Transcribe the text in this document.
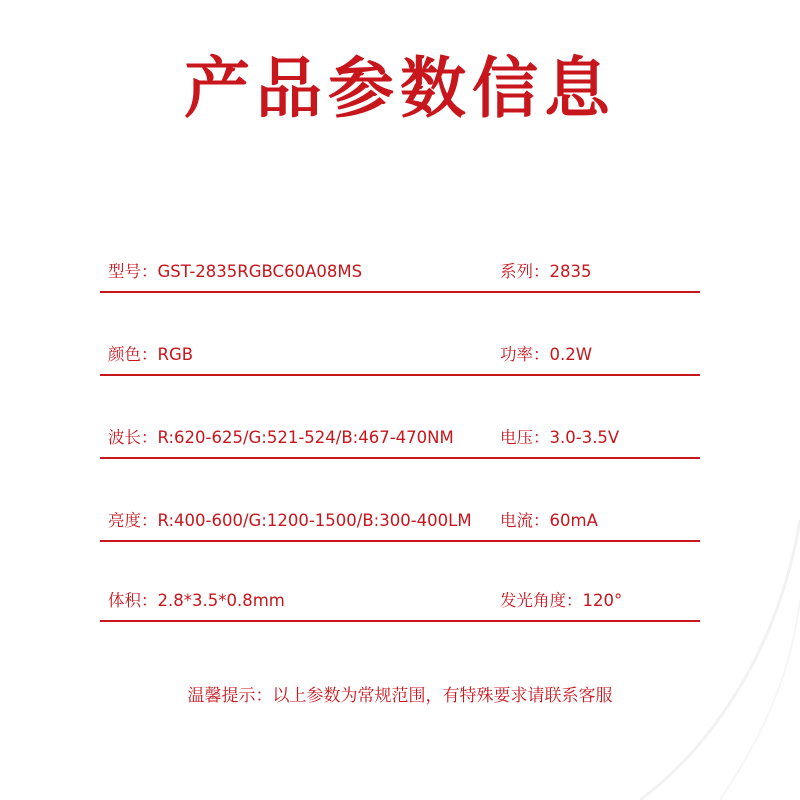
产品参数信息
型号：GST-2835RGBC60A08MS	系列：2835
颜色：RGB	功率：0.2W
波长：R:620-625/G:521-524/B:467-470NM	电压：3.0-3.5V
亮度：R:400-600/G:1200-1500/B:300-400LM 电流：60mA
体积：2.8*3.5*0.8mm	发光角度：120°
温馨提示：以上参数为常规范围，有特殊要求请联系客服
